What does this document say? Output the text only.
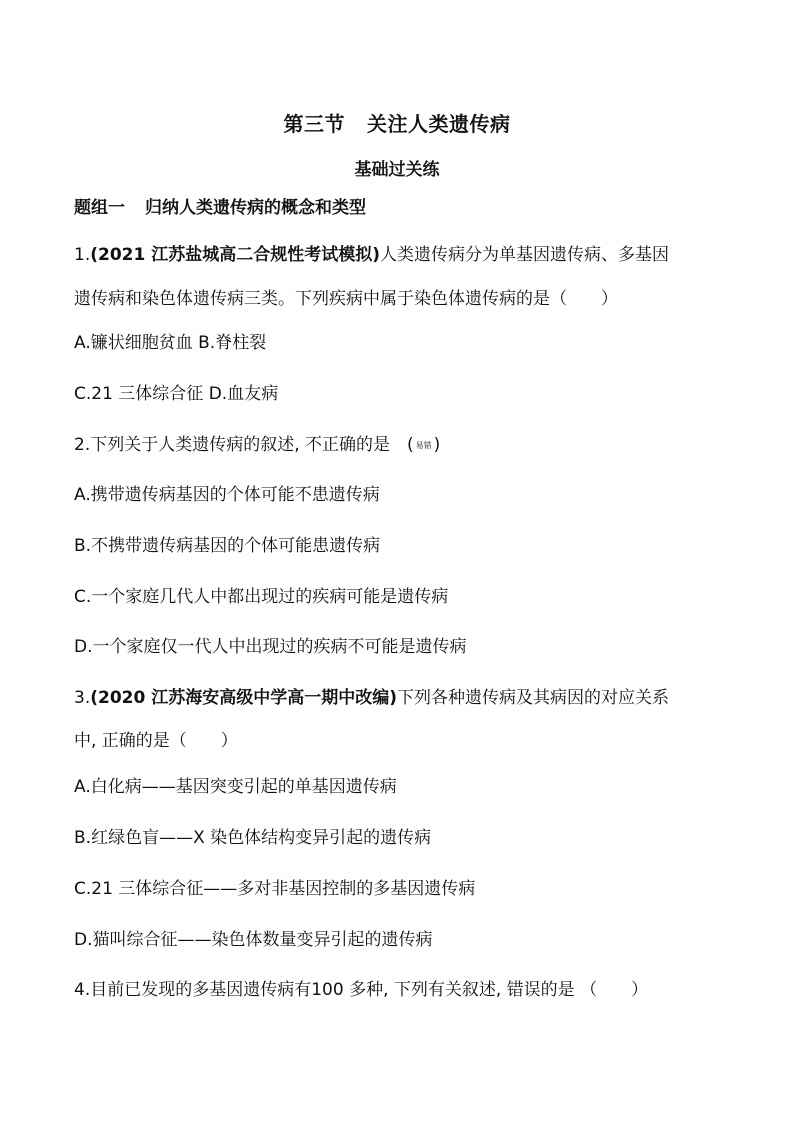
第三节 关注人类遗传病
基础过关练
题组一 归纳人类遗传病的概念和类型
1.(2021 江苏盐城高二合规性考试模拟)人类遗传病分为单基因遗传病、多基因
遗传病和染色体遗传病三类。下列疾病中属于染色体遗传病的是（　　）
A.镰状细胞贫血 B.脊柱裂
C.21 三体综合征 D.血友病
2.下列关于人类遗传病的叙述, 不正确的是　( 易错 )
A.携带遗传病基因的个体可能不患遗传病
B.不携带遗传病基因的个体可能患遗传病
C.一个家庭几代人中都出现过的疾病可能是遗传病
D.一个家庭仅一代人中出现过的疾病不可能是遗传病
3.(2020 江苏海安高级中学高一期中改编)下列各种遗传病及其病因的对应关系
中, 正确的是（　　）
A.白化病——基因突变引起的单基因遗传病
B.红绿色盲——X 染色体结构变异引起的遗传病
C.21 三体综合征——多对非基因控制的多基因遗传病
D.猫叫综合征——染色体数量变异引起的遗传病
4.目前已发现的多基因遗传病有100 多种, 下列有关叙述, 错误的是 （　　）
